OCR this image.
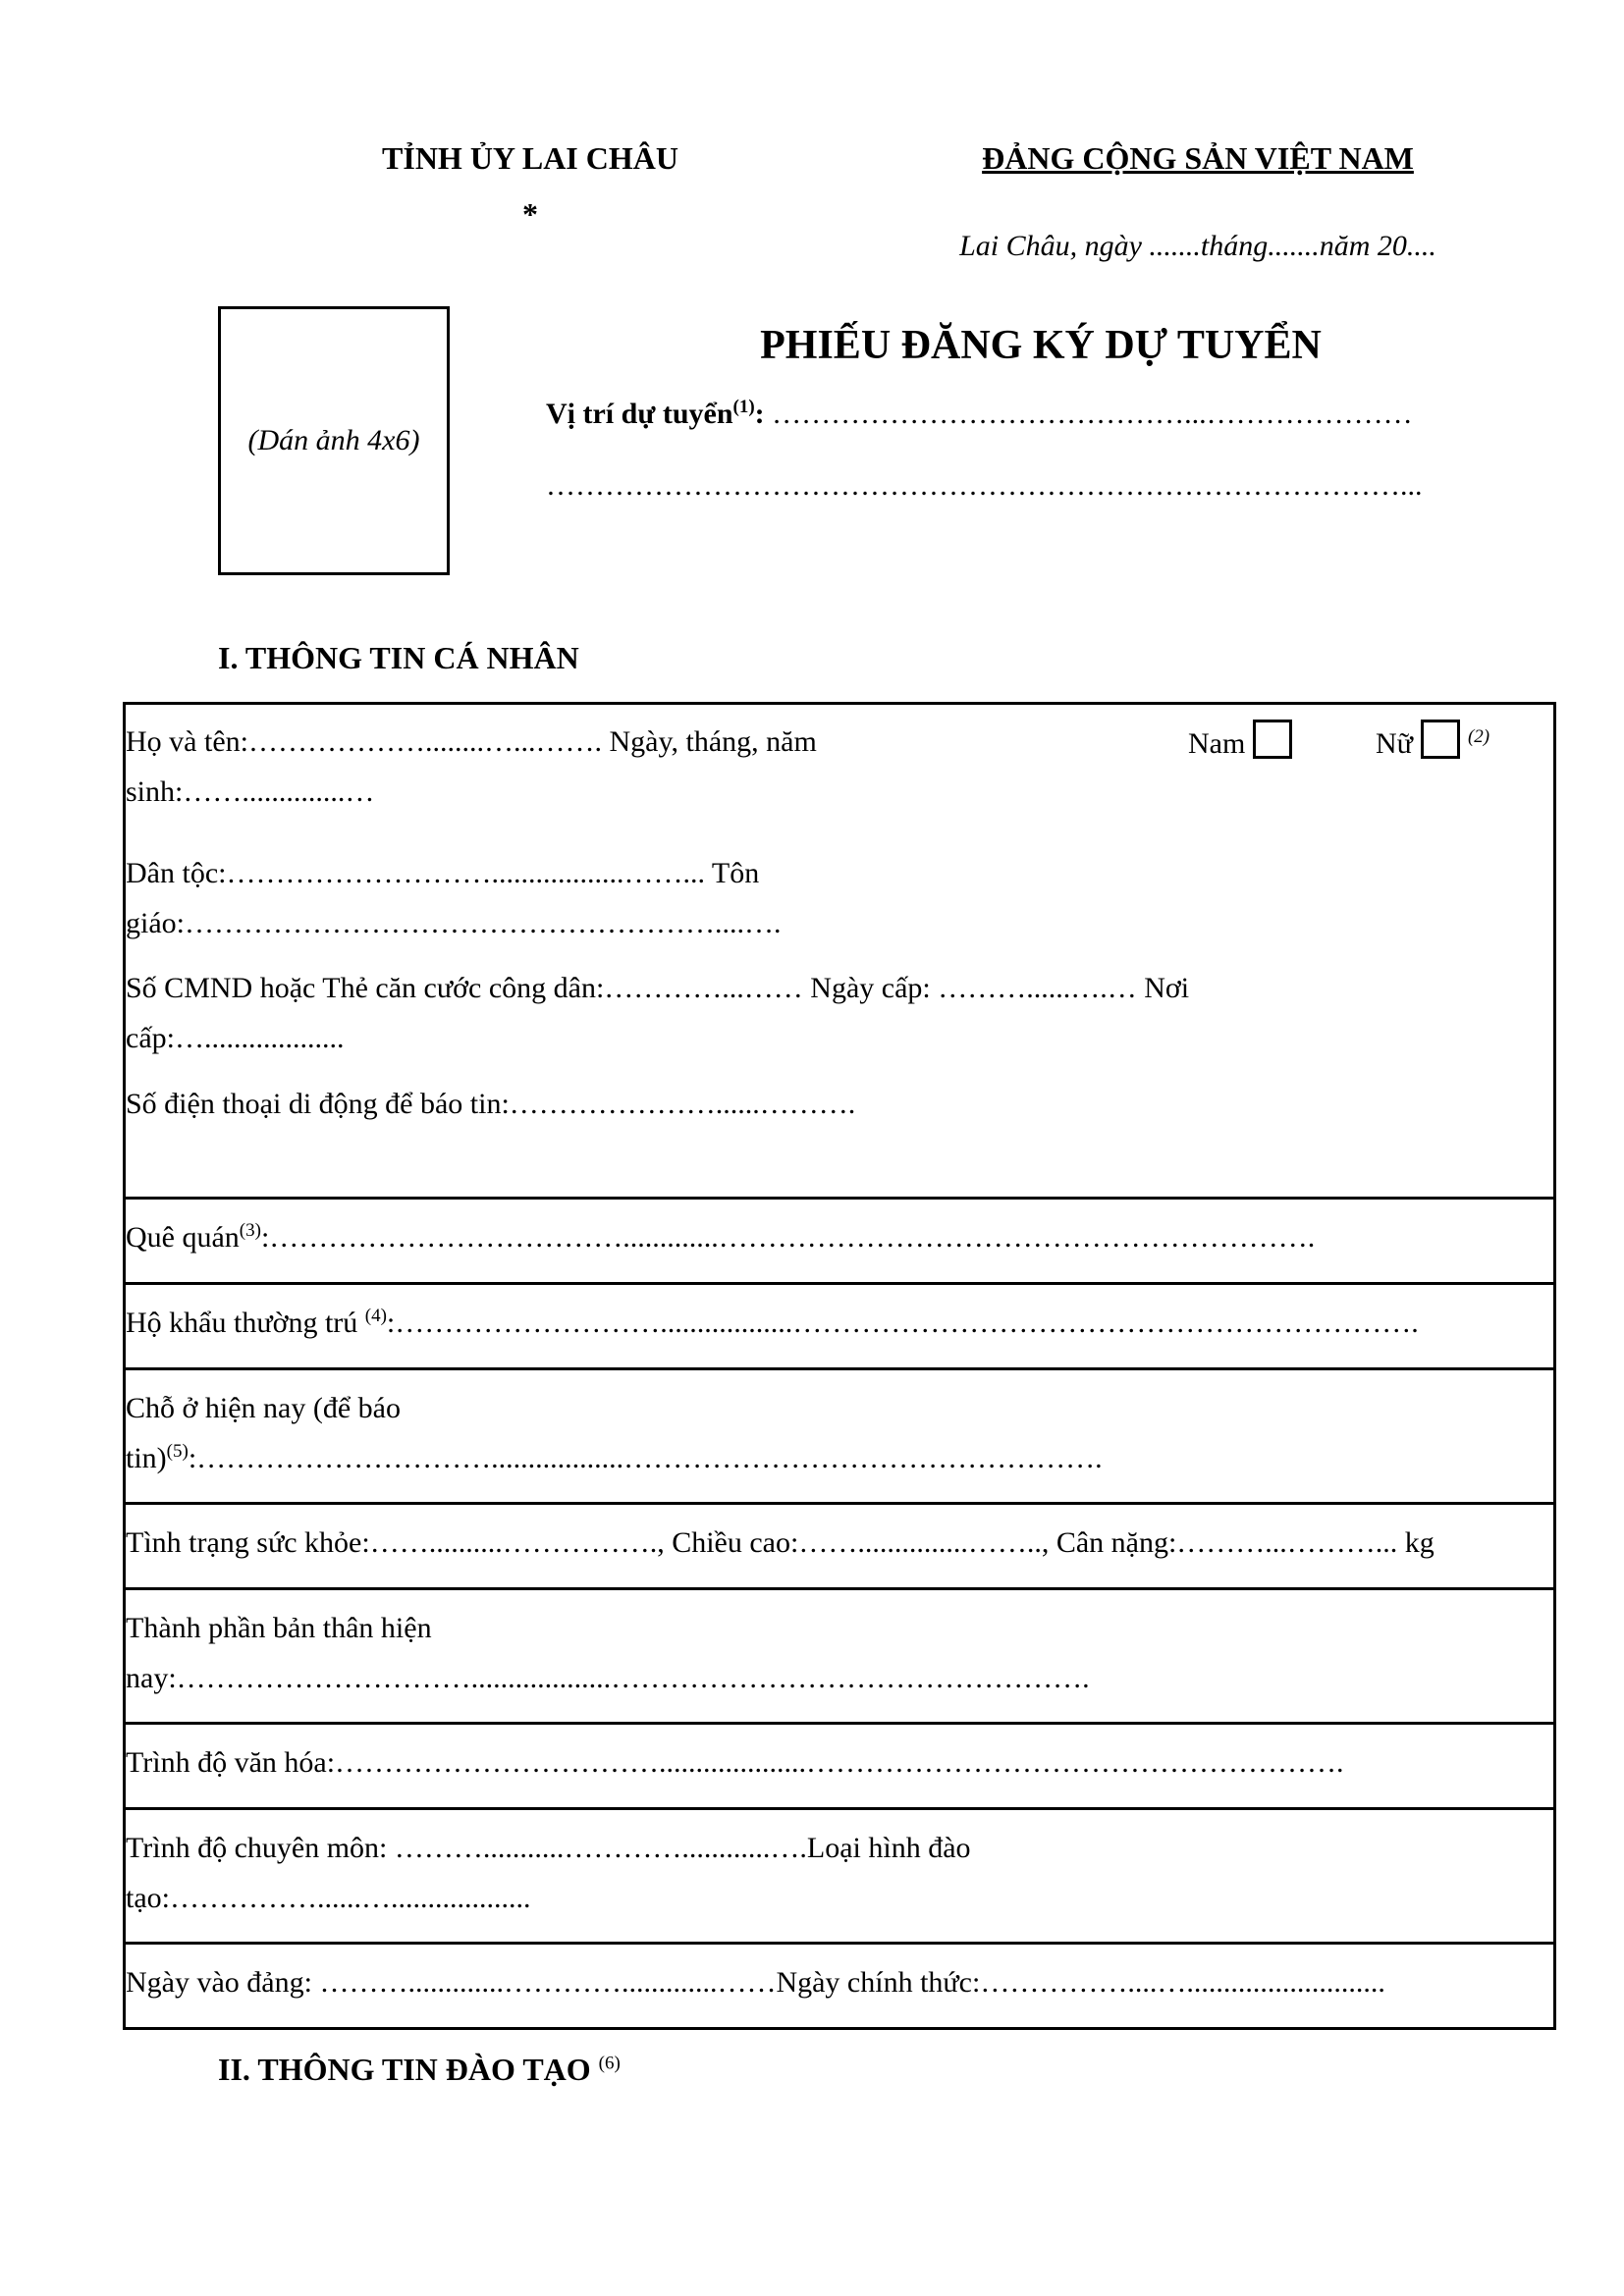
TỈNH ỦY LAI CHÂU
*
ĐẢNG CỘNG SẢN VIỆT NAM
Lai Châu, ngày .......tháng.......năm 20....
(Dán ảnh 4x6)
PHIẾU ĐĂNG KÝ DỰ TUYỂN
Vị trí dự tuyển$^{(1)}$: ……………………………………...…………………
……………………………………………………………………………...
I. THÔNG TIN CÁ NHÂN
Họ và tên:………………........…...……. Ngày, tháng, năm
sinh:……..............…
Nam	Nữ	$^{(2)}$
Dân tộc:………………………..................……... Tôn
giáo:………………………………………………....….
Số CMND hoặc Thẻ căn cước công dân:…………...…… Ngày cấp: ………......….… Nơi
cấp:…...................
Số điện thoại di động để báo tin:…………………......……….
Quê quán$^{(3)}$:……………………………….............…………………………………………………….
Hộ khẩu thường trú $^{(4)}$:………………………..................……………………………………………………….
Chỗ ở hiện nay (để báo
tin)$^{(5)}$:…………………………..................………………………………………….
Tình trạng sức khỏe:……..........……………., Chiều cao:……...............…….., Cân nặng:………...………... kg
Thành phần bản thân hiện
nay:…………………………...................………………………………………….
Trình độ văn hóa:……………………………....................……………………………………………….
Trình độ chuyên môn: ………...........…………............….Loại hình đào
tạo:……………......…...................
Ngày vào đảng: ……….............………….............……Ngày chính thức:……………....…...........................
II. THÔNG TIN ĐÀO TẠO $^{(6)}$
